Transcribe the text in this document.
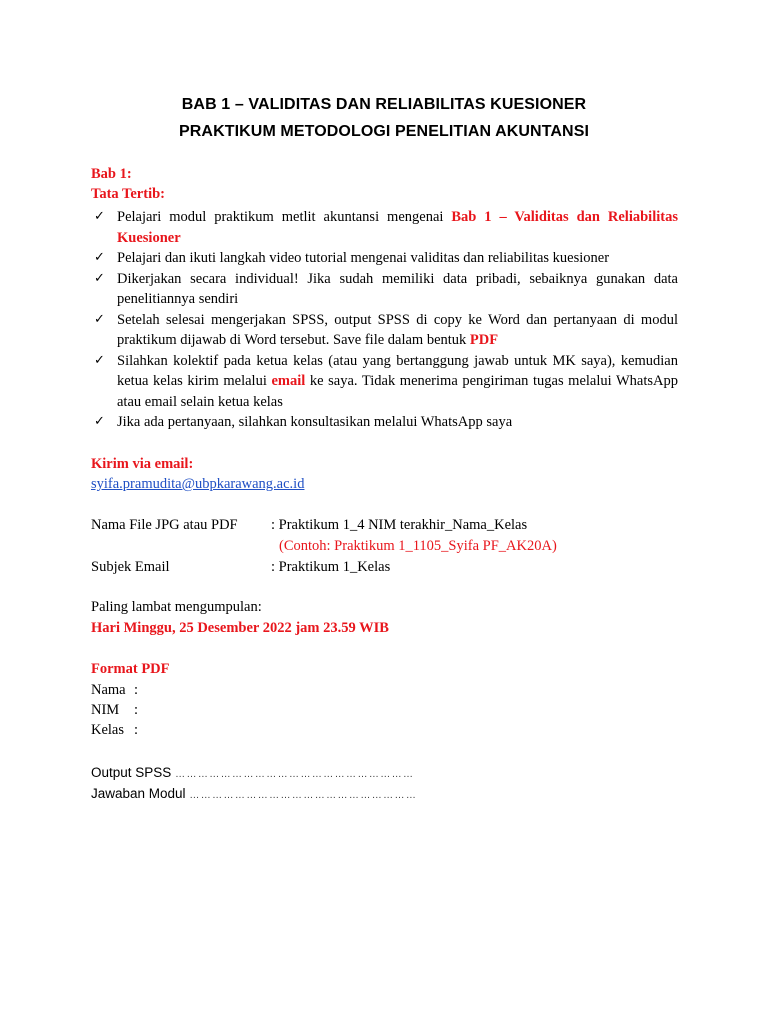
BAB 1 – VALIDITAS DAN RELIABILITAS KUESIONER
PRAKTIKUM METODOLOGI PENELITIAN AKUNTANSI
Bab 1:
Tata Tertib:
✓ Pelajari modul praktikum metlit akuntansi mengenai Bab 1 – Validitas dan Reliabilitas Kuesioner
✓ Pelajari dan ikuti langkah video tutorial mengenai validitas dan reliabilitas kuesioner
✓ Dikerjakan secara individual! Jika sudah memiliki data pribadi, sebaiknya gunakan data penelitiannya sendiri
✓ Setelah selesai mengerjakan SPSS, output SPSS di copy ke Word dan pertanyaan di modul praktikum dijawab di Word tersebut. Save file dalam bentuk PDF
✓ Silahkan kolektif pada ketua kelas (atau yang bertanggung jawab untuk MK saya), kemudian ketua kelas kirim melalui email ke saya. Tidak menerima pengiriman tugas melalui WhatsApp atau email selain ketua kelas
✓ Jika ada pertanyaan, silahkan konsultasikan melalui WhatsApp saya
Kirim via email:
syifa.pramudita@ubpkarawang.ac.id
Nama File JPG atau PDF : Praktikum 1_4 NIM terakhir_Nama_Kelas
(Contoh: Praktikum 1_1105_Syifa PF_AK20A)
Subjek Email	: Praktikum 1_Kelas
Paling lambat mengumpulan:
Hari Minggu, 25 Desember 2022 jam 23.59 WIB
Format PDF
Nama :
NIM :
Kelas :
Output SPSS ………………………………………………………
Jawaban Modul ……………………………………………………
